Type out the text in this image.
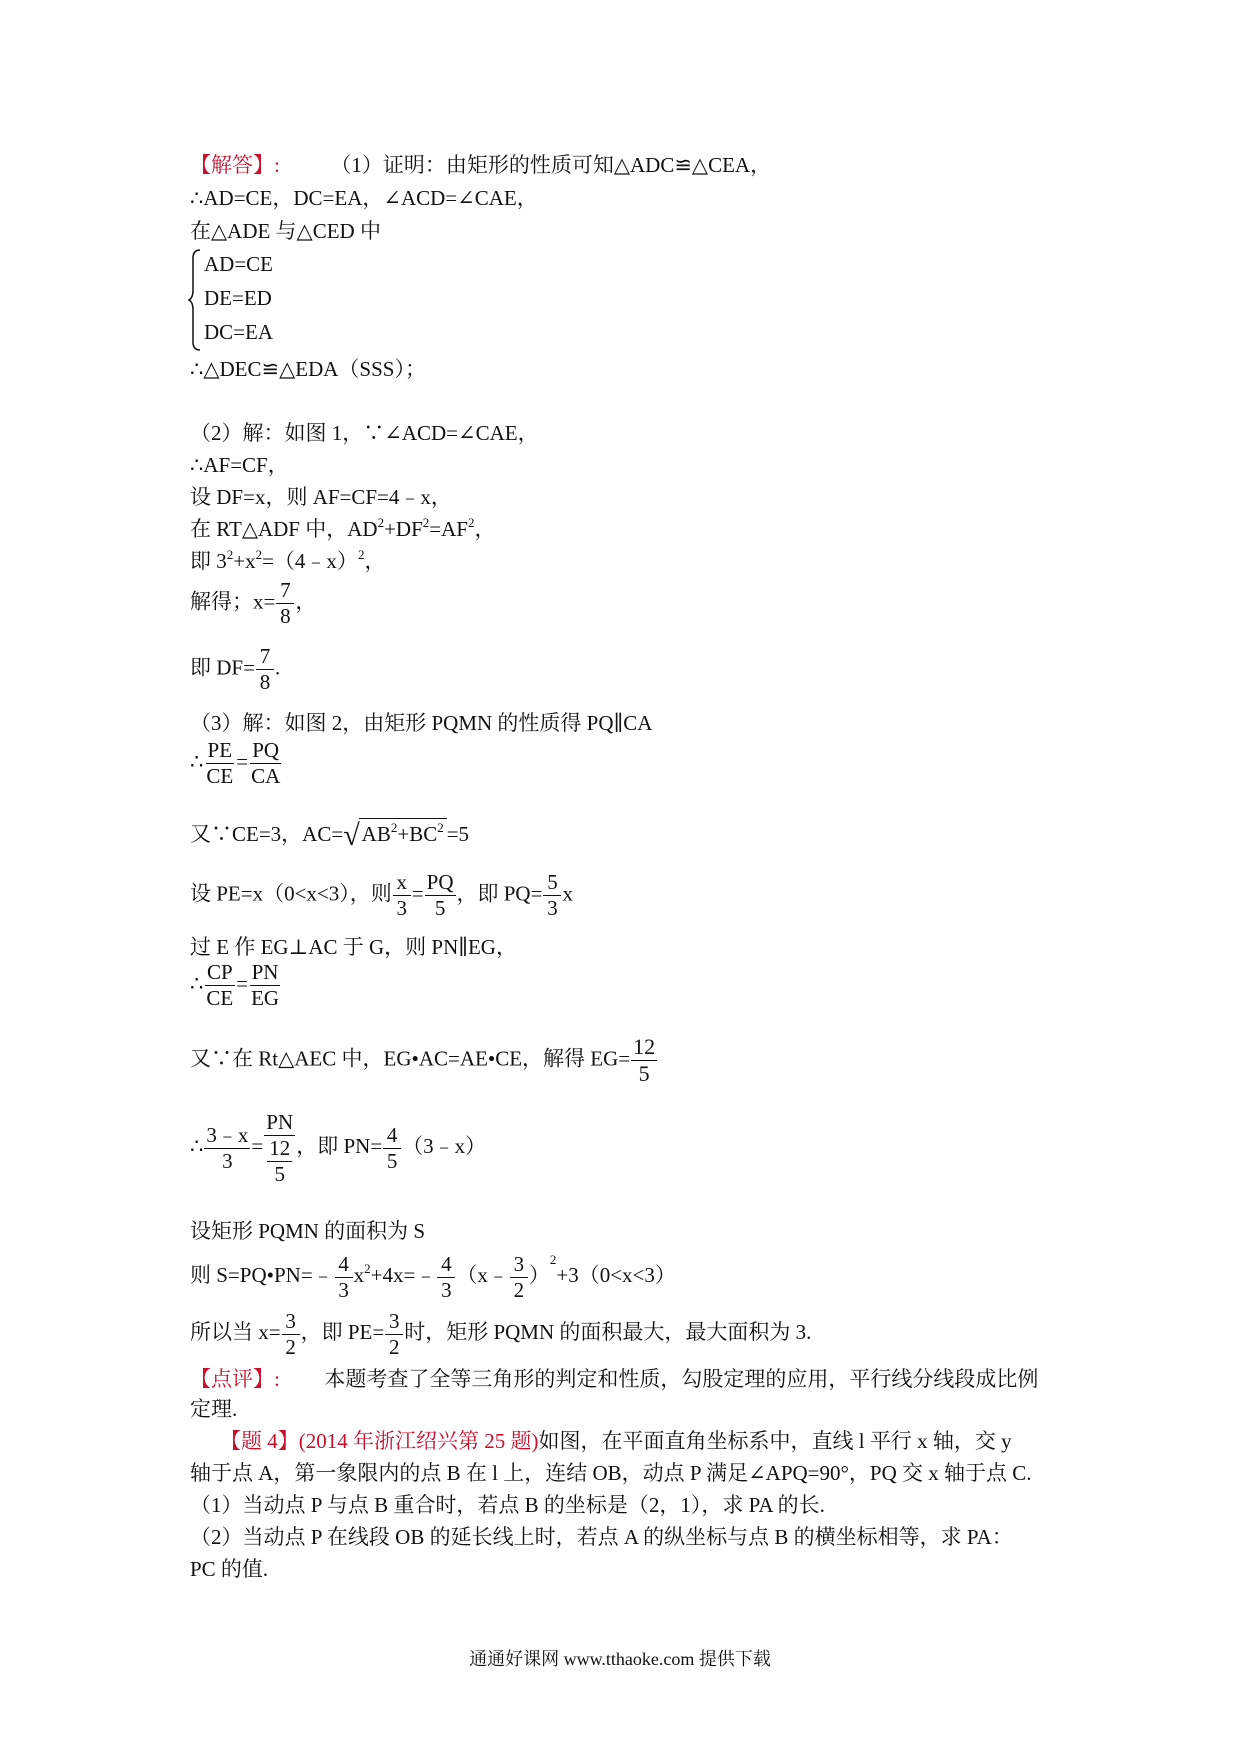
【解答】: （1）证明：由矩形的性质可知△ADC≌△CEA，
∴AD=CE，DC=EA，∠ACD=∠CAE，
在△ADE 与△CED 中
AD=CE
DE=ED
DC=EA
∴△DEC≌△EDA（SSS）；
（2）解：如图 1，∵∠ACD=∠CAE，
∴AF=CF，
设 DF=x，则 AF=CF=4﹣x，
在 RT△ADF 中，$AD^2+DF^2=AF^2$，
即 $3^2+x^2=(4﹣x)^2$，
解得；$x= \frac{7}{8}$ ，
即 $DF= \frac{7}{8}$ .
（3）解：如图 2，由矩形 PQMN 的性质得 PQ∥CA
∴ $\frac{PE}{CE} = \frac{PQ}{CA}$
又∵CE=3，$AC=√AB^2+BC^2 =5$
设 PE=x（0<x<3），则 $\frac{x}{3} = \frac{PQ}{5}$ ，即 $PQ= \frac{5}{3}$ x
过 E 作 EG⊥AC 于 G，则 PN∥EG，
∴ $\frac{CP}{CE} = \frac{PN}{EG}$
又∵在 Rt△AEC 中，EG•AC=AE•CE，解得 $EG= \frac{12}{5}$
∴ $\frac{3﹣x}{3} = \frac{PN}{\frac{12}{5}}$ ，即 $PN= \frac{4}{5}$ （3﹣x）
设矩形 PQMN 的面积为 S
则 S=PQ•PN=﹣ $\frac{4}{3}$ $x^2+4x=﹣ \frac{4}{3}$ （x﹣ $\frac{3}{2} )^2+3(0<x<3)$
所以当 $x= \frac{3}{2}$ ，即 $PE= \frac{3}{2}$ 时，矩形 PQMN 的面积最大，最大面积为 3.
【点评】: 本题考查了全等三角形的判定和性质，勾股定理的应用，平行线分线段成比例
定理.
【题 4】(2014 年浙江绍兴第 25 题)如图，在平面直角坐标系中，直线 l 平行 x 轴，交 y
轴于点 A，第一象限内的点 B 在 l 上，连结 OB，动点 P 满足∠APQ=90°，PQ 交 x 轴于点 C.
（1）当动点 P 与点 B 重合时，若点 B 的坐标是（2，1），求 PA 的长.
（2）当动点 P 在线段 OB 的延长线上时，若点 A 的纵坐标与点 B 的横坐标相等，求 PA：
PC 的值.
通通好课网 www.tthaoke.com 提供下载
